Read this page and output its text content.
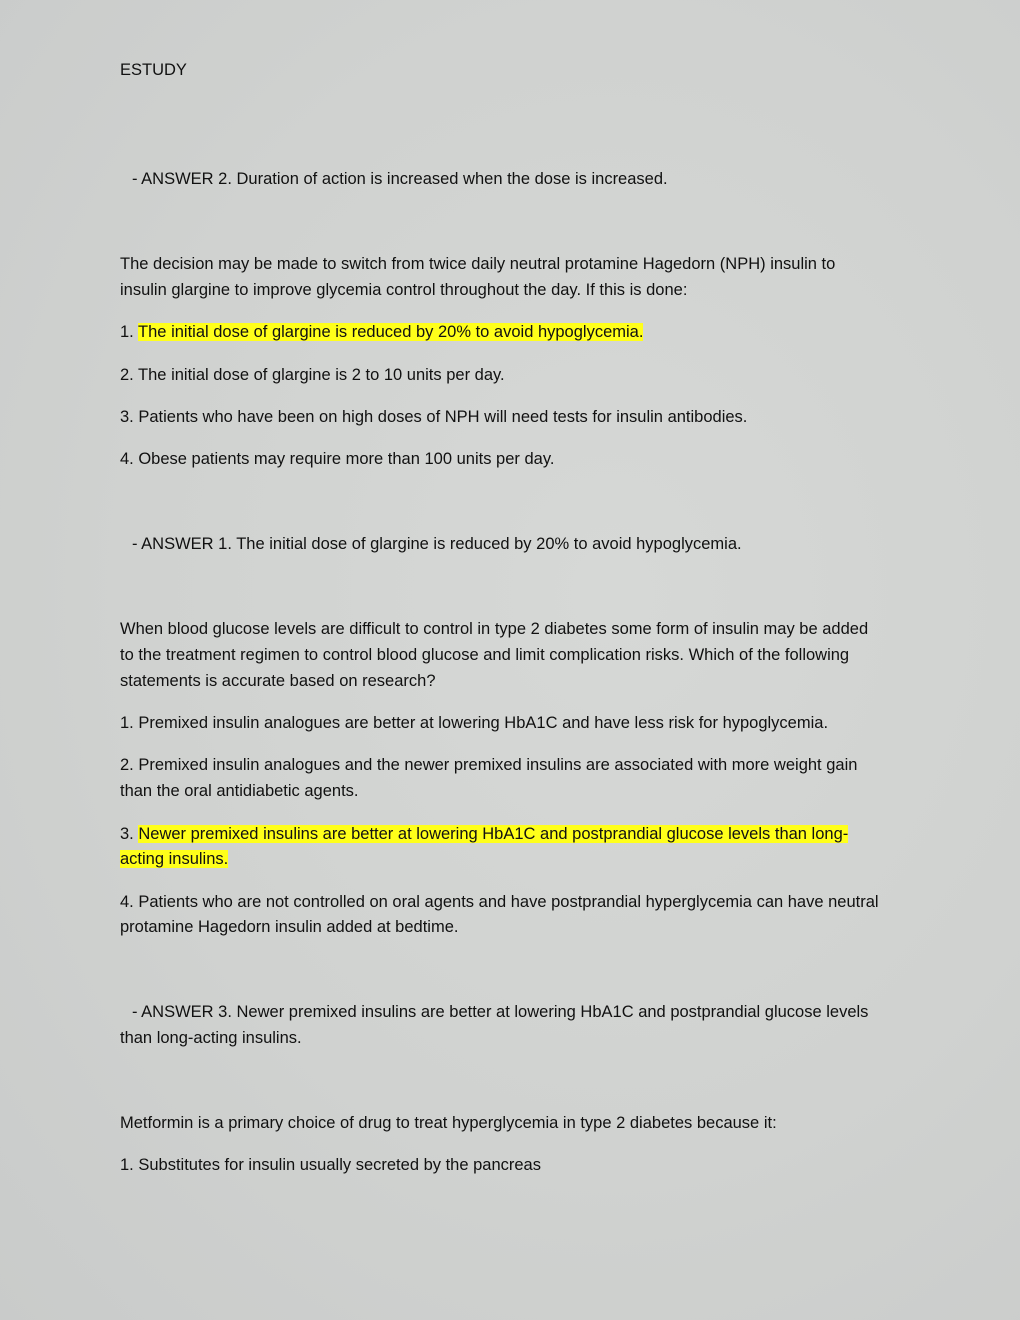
ESTUDY
- ANSWER 2. Duration of action is increased when the dose is increased.
The decision may be made to switch from twice daily neutral protamine Hagedorn (NPH) insulin to
insulin glargine to improve glycemia control throughout the day. If this is done:
1. The initial dose of glargine is reduced by 20% to avoid hypoglycemia.
2. The initial dose of glargine is 2 to 10 units per day.
3. Patients who have been on high doses of NPH will need tests for insulin antibodies.
4. Obese patients may require more than 100 units per day.
- ANSWER 1. The initial dose of glargine is reduced by 20% to avoid hypoglycemia.
When blood glucose levels are difficult to control in type 2 diabetes some form of insulin may be added
to the treatment regimen to control blood glucose and limit complication risks. Which of the following
statements is accurate based on research?
1. Premixed insulin analogues are better at lowering HbA1C and have less risk for hypoglycemia.
2. Premixed insulin analogues and the newer premixed insulins are associated with more weight gain
than the oral antidiabetic agents.
3. Newer premixed insulins are better at lowering HbA1C and postprandial glucose levels than long-
acting insulins.
4. Patients who are not controlled on oral agents and have postprandial hyperglycemia can have neutral
protamine Hagedorn insulin added at bedtime.
- ANSWER 3. Newer premixed insulins are better at lowering HbA1C and postprandial glucose levels
than long-acting insulins.
Metformin is a primary choice of drug to treat hyperglycemia in type 2 diabetes because it:
1. Substitutes for insulin usually secreted by the pancreas
